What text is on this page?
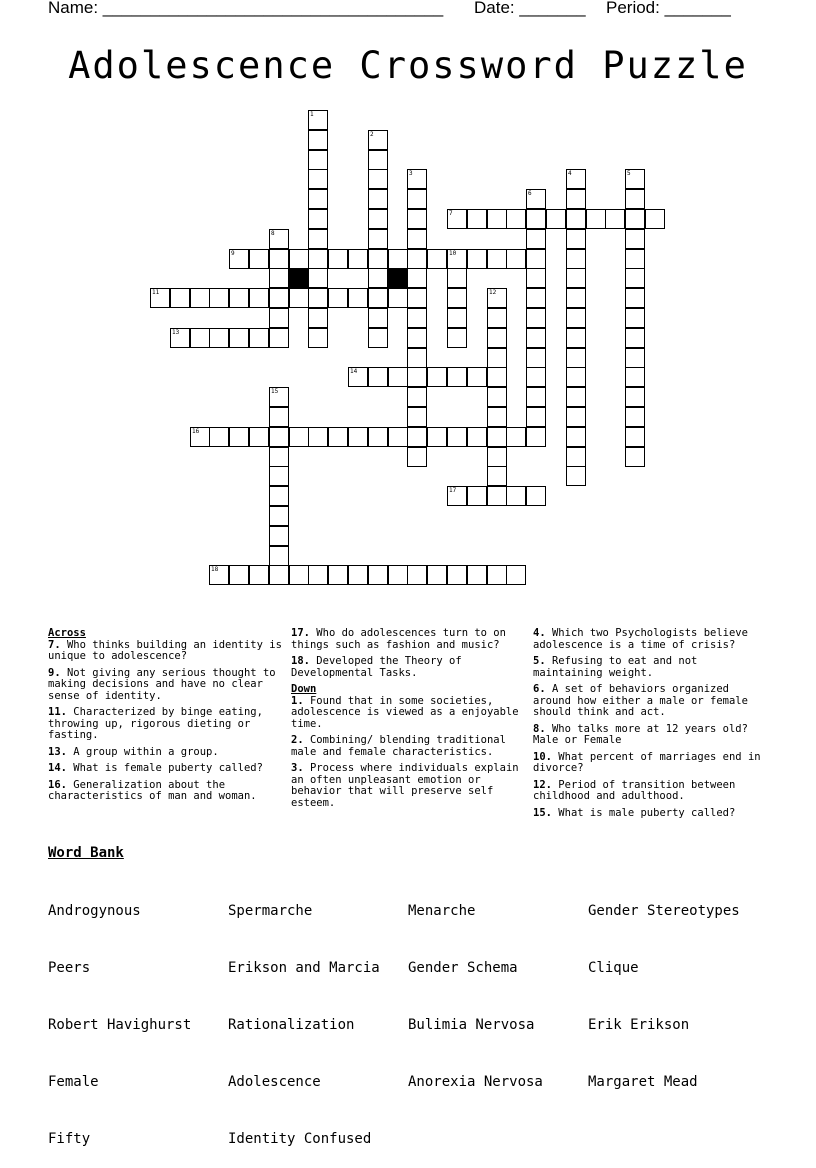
Name: ____________________________________ Date: _______ Period: _______
Adolescence Crossword Puzzle
1
2
3	4	5
6
7
8
9	10
11	12
13
14
15
16
17
18
Across
7. Who thinks building an identity is unique to adolescence?
9. Not giving any serious thought to making decisions and have no clear sense of identity.
11. Characterized by binge eating, throwing up, rigorous dieting or fasting.
13. A group within a group.
14. What is female puberty called?
16. Generalization about the characteristics of man and woman.
17. Who do adolescences turn to on things such as fashion and music?
18. Developed the Theory of Developmental Tasks.
Down
1. Found that in some societies, adolescence is viewed as a enjoyable time.
2. Combining/ blending traditional male and female characteristics.
3. Process where individuals explain an often unpleasant emotion or behavior that will preserve self esteem.
4. Which two Psychologists believe adolescence is a time of crisis?
5. Refusing to eat and not maintaining weight.
6. A set of behaviors organized around how either a male or female should think and act.
8. Who talks more at 12 years old? Male or Female
10. What percent of marriages end in divorce?
12. Period of transition between childhood and adulthood.
15. What is male puberty called?
Word Bank

Androgynous

Peers

Robert Havighurst

Female

Fifty

Spermarche

Erikson and Marcia

Rationalization

Adolescence

Identity Confused

Menarche

Gender Schema

Bulimia Nervosa

Anorexia Nervosa

Gender Stereotypes

Clique

Erik Erikson

Margaret Mead
